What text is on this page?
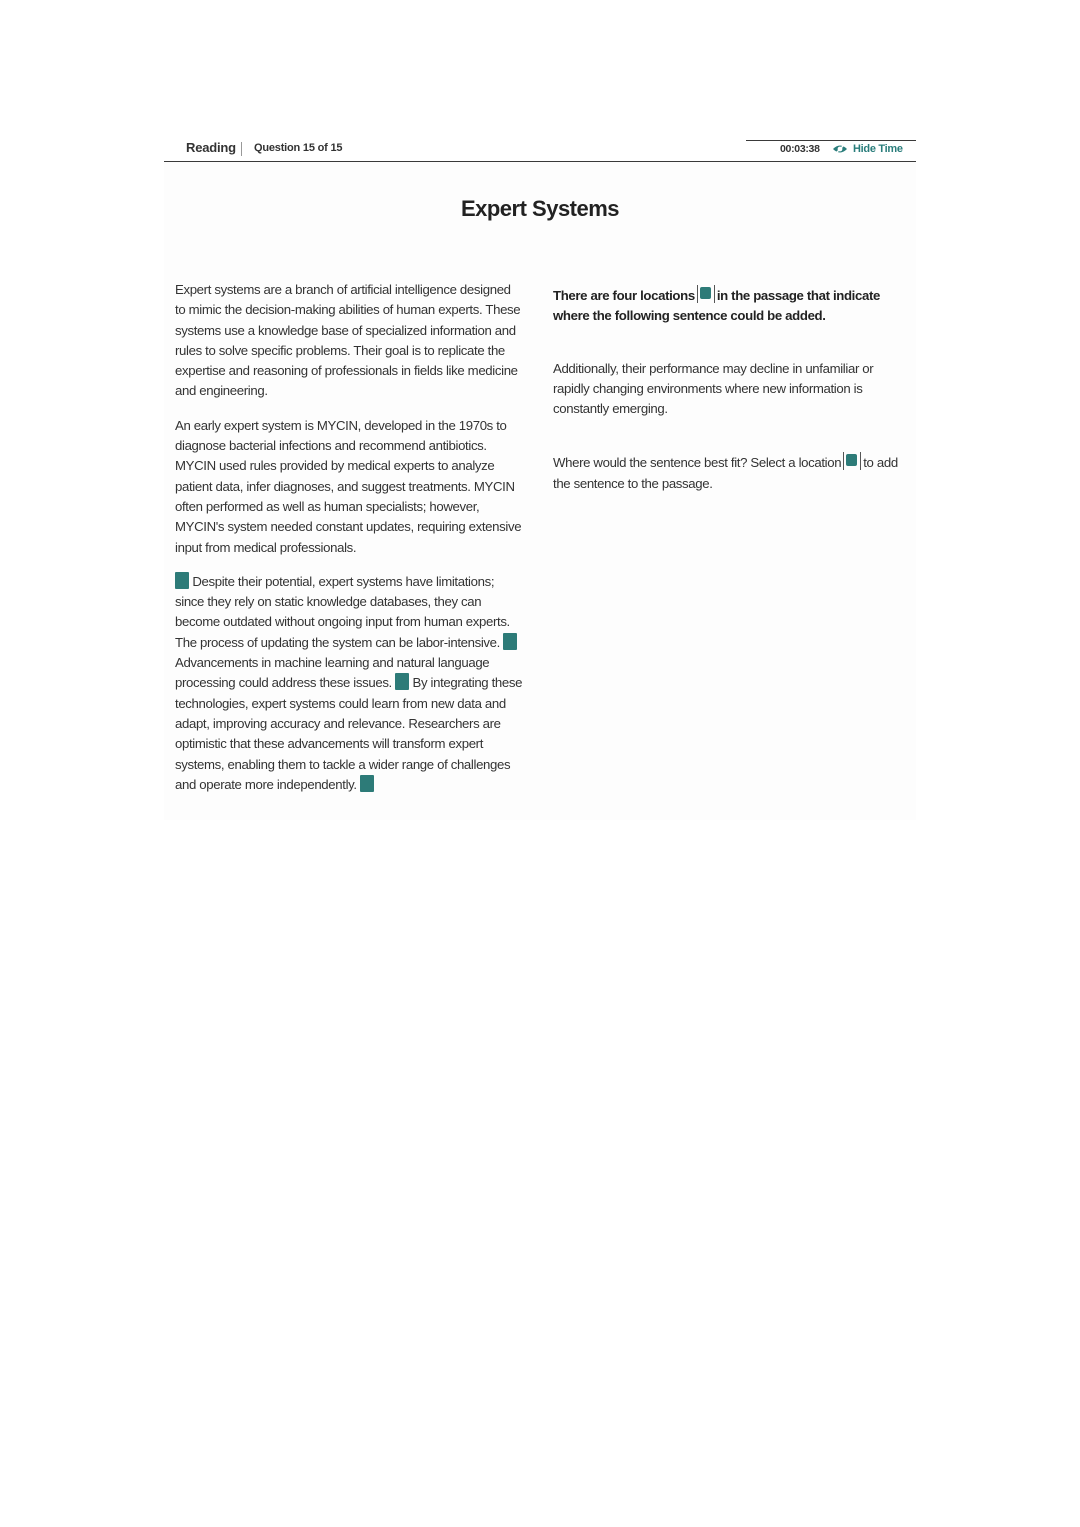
Reading Question 15 of 15	00:03:38	Hide Time
Expert Systems

Expert systems are a branch of artificial intelligence designed to mimic the decision-making abilities of human experts. These systems use a knowledge base of specialized information and rules to solve specific problems. Their goal is to replicate the expertise and reasoning of professionals in fields like medicine and engineering.

An early expert system is MYCIN, developed in the 1970s to diagnose bacterial infections and recommend antibiotics. MYCIN used rules provided by medical experts to analyze patient data, infer diagnoses, and suggest treatments. MYCIN often performed as well as human specialists; however, MYCIN's system needed constant updates, requiring extensive input from medical professionals.

Despite their potential, expert systems have limitations; since they rely on static knowledge databases, they can become outdated without ongoing input from human experts. The process of updating the system can be labor-intensive.  Advancements in machine learning and natural language processing could address these issues. By integrating these technologies, expert systems could learn from new data and adapt, improving accuracy and relevance. Researchers are optimistic that these advancements will transform expert systems, enabling them to tackle a wider range of challenges and operate more independently.

There are four locations in the passage that indicate where the following sentence could be added.

Additionally, their performance may decline in unfamiliar or rapidly changing environments where new information is constantly emerging.

Where would the sentence best fit? Select a location to add the sentence to the passage.
